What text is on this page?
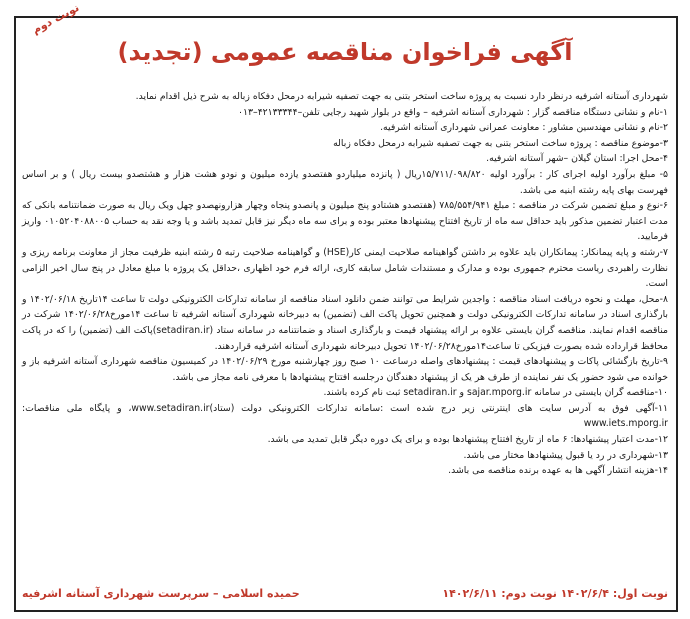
نوبت دوم
آگهی فراخوان مناقصه عمومی (تجدید)

شهرداری آستانه اشرفیه درنظر دارد نسبت به پروژه ساخت استخر بتنی به جهت تصفیه شیرابه درمحل دفکاه زباله به شرح ذیل اقدام نماید.

۱-نام و نشانی دستگاه مناقصه گزار : شهرداری آستانه اشرفیه – واقع در بلوار شهید رجایی تلفن–۴۲۱۳۳۳۴۴–۰۱۳

۲-نام و نشانی مهندسین مشاور : معاونت عمرانی شهرداری آستانه اشرفیه.

۳-موضوع مناقصه : پروژه ساخت استخر بتنی به جهت تصفیه شیرابه درمحل دفکاه زباله

۴-محل اجرا: استان گیلان –شهر آستانه اشرفیه.

۵- مبلغ برآورد اولیه اجرای کار : برآورد اولیه ۱۵/۷۱۱/۰۹۸/۸۲۰ریال ( پانزده میلیاردو هفتصدو یازده میلیون و نودو هشت هزار و هشتصدو بیست ریال ) و بر اساس فهرست بهای پایه رشته ابنیه می باشد.

۶-نوع و مبلغ تضمین شرکت در مناقصه : مبلغ ۷۸۵/۵۵۴/۹۴۱ (هفتصدو هشتادو پنج میلیون و پانصدو پنجاه وچهار هزارونهصدو چهل ویک ریال به صورت ضمانتنامه بانکی که مدت اعتبار تضمین مذکور باید حداقل سه ماه از تاریخ افتتاح پیشنهادها معتبر بوده و برای سه ماه دیگر نیز قابل تمدید باشد و یا وجه نقد به حساب ۰۱۰۵۲۰۴۰۸۸۰۰۵ واریز فرمایید.

۷-رشته و پایه پیمانکار: پیمانکاران باید علاوه بر داشتن گواهینامه صلاحیت ایمنی کار(HSE) و گواهینامه صلاحیت رتبه ۵ رشته ابنیه ظرفیت مجاز از معاونت برنامه ریزی و نظارت راهبردی ریاست محترم جمهوری بوده و مدارک و مستندات شامل سابقه کاری، ارائه فرم خود اظهاری ،حداقل یک پروژه با مبلغ معادل در پنج سال اخیر الزامی است.

۸-محل، مهلت و نحوه دریافت اسناد مناقصه : واجدین شرایط می توانند ضمن دانلود اسناد مناقصه از سامانه تدارکات الکترونیکی دولت تا ساعت ۱۴تاریخ ۱۴۰۲/۰۶/۱۸ و بارگذاری اسناد در سامانه تدارکات الکترونیکی دولت و همچنین تحویل پاکت الف (تضمین) به دبیرخانه شهرداری آستانه اشرفیه تا ساعت ۱۴مورخ۱۴۰۲/۰۶/۲۸ شرکت در مناقصه اقدام نمایند. مناقصه گران بایستی علاوه بر ارائه پیشنهاد قیمت و بارگذاری اسناد و ضمانتنامه در سامانه ستاد (setadiran.ir)پاکت الف (تضمین) را که در پاکت محافظ قرارداده شده بصورت فیزیکی تا ساعت۱۴مورخ۱۴۰۲/۰۶/۲۸ تحویل دبیرخانه شهرداری آستانه اشرفیه قراردهند.

۹-تاریخ بازگشائی پاکات و پیشنهادهای قیمت : پیشنهادهای واصله درساعت ۱۰ صبح روز چهارشنبه مورخ ۱۴۰۲/۰۶/۲۹ در کمیسیون مناقصه شهرداری آستانه اشرفیه باز و خوانده می شود حضور یک نفر نماینده از طرف هر یک از پیشنهاد دهندگان درجلسه افتتاح پیشنهادها با معرفی نامه مجاز می باشد.

۱۰-مناقصه گران بایستی در سامانه sajar.mporg.ir و setadiran.ir ثبت نام کرده باشند.

۱۱-آگهی فوق به آدرس سایت های اینترنتی زیر درج شده است :سامانه تدارکات الکترونیکی دولت (ستاد)www.setadiran.ir، و پایگاه ملی مناقصات: www.iets.mporg.ir

۱۲-مدت اعتبار پیشنهادها: ۶ ماه از تاریخ افتتاح پیشنهادها بوده و برای یک دوره دیگر قابل تمدید می باشد.

۱۳-شهرداری در رد یا قبول پیشنهادها مختار می باشد.

۱۴-هزینه انتشار آگهی ها به عهده برنده مناقصه می باشد.

نوبت اول: ۱۴۰۲/۶/۴ نوبت دوم: ۱۴۰۲/۶/۱۱
حمیده اسلامی – سرپرست شهرداری آستانه اشرفیه
